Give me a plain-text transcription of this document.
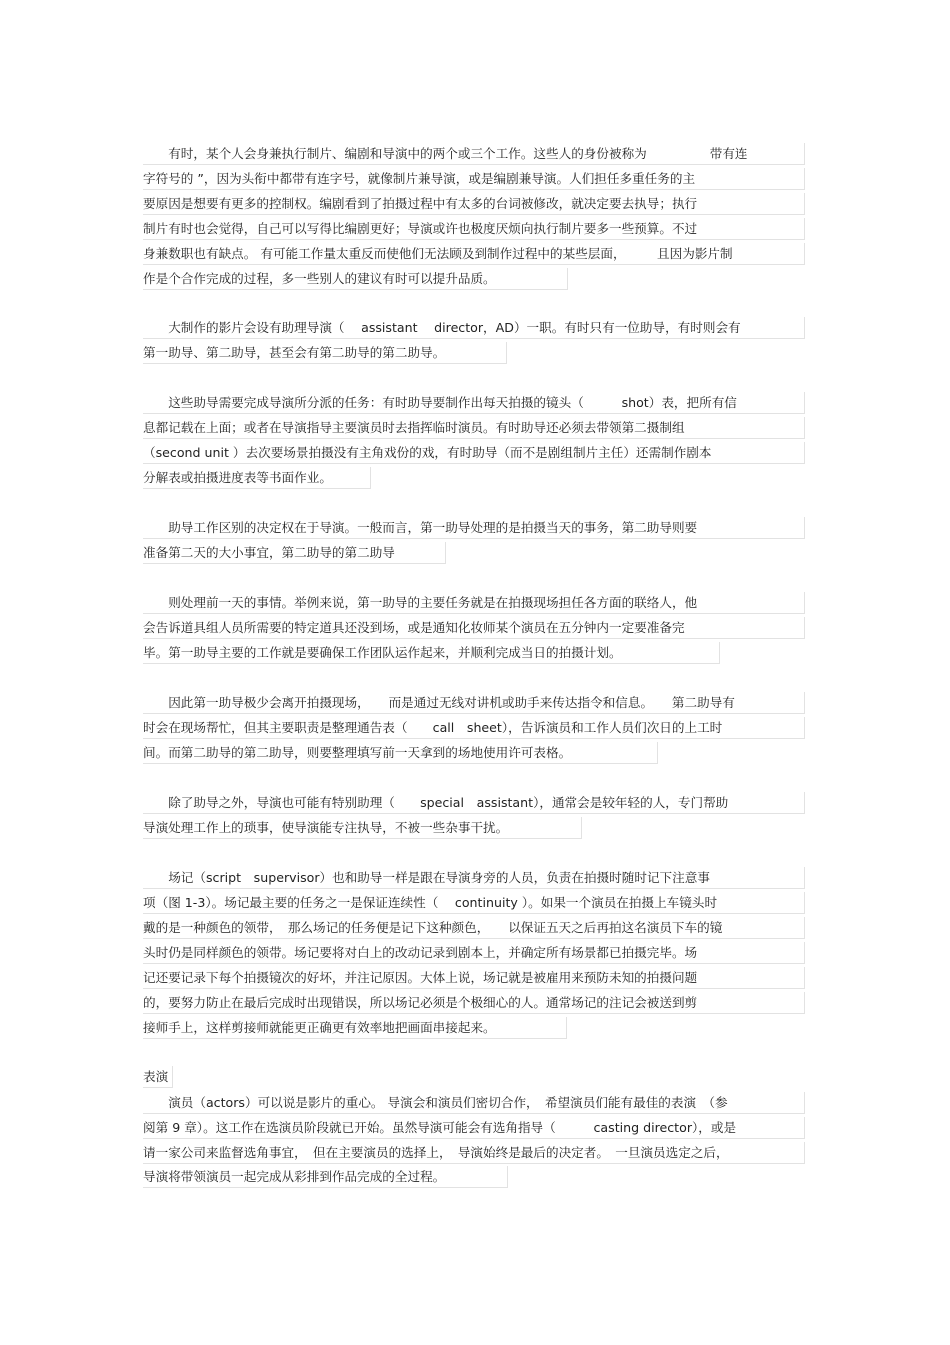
　　有时，某个人会身兼执行制片、编剧和导演中的两个或三个工作。这些人的身份被称为　　　　　带有连
字符号的 ”，因为头衔中都带有连字号，就像制片兼导演，或是编剧兼导演。人们担任多重任务的主
要原因是想要有更多的控制权。编剧看到了拍摄过程中有太多的台词被修改，就决定要去执导；执行
制片有时也会觉得，自己可以写得比编剧更好；导演或许也极度厌烦向执行制片要多一些预算。不过
身兼数职也有缺点。 有可能工作量太重反而使他们无法顾及到制作过程中的某些层面，　　　且因为影片制
作是个合作完成的过程，多一些别人的建议有时可以提升品质。
　　大制作的影片会设有助理导演（　 assistant　 director，AD）一职。有时只有一位助导，有时则会有
第一助导、第二助导，甚至会有第二助导的第二助导。
　　这些助导需要完成导演所分派的任务：有时助导要制作出每天拍摄的镜头（　　　shot）表，把所有信
息都记载在上面；或者在导演指导主要演员时去指挥临时演员。有时助导还必须去带领第二摄制组
（second unit ）去次要场景拍摄没有主角戏份的戏，有时助导（而不是剧组制片主任）还需制作剧本
分解表或拍摄进度表等书面作业。
　　助导工作区别的决定权在于导演。一般而言，第一助导处理的是拍摄当天的事务，第二助导则要
准备第二天的大小事宜，第二助导的第二助导
　　则处理前一天的事情。举例来说，第一助导的主要任务就是在拍摄现场担任各方面的联络人，他
会告诉道具组人员所需要的特定道具还没到场，或是通知化妆师某个演员在五分钟内一定要准备完
毕。第一助导主要的工作就是要确保工作团队运作起来，并顺利完成当日的拍摄计划。
　　因此第一助导极少会离开拍摄现场，　　而是通过无线对讲机或助手来传达指令和信息。　　第二助导有
时会在现场帮忙，但其主要职责是整理通告表（　　call　sheet），告诉演员和工作人员们次日的上工时
间。而第二助导的第二助导，则要整理填写前一天拿到的场地使用许可表格。
　　除了助导之外，导演也可能有特别助理（　　special　assistant），通常会是较年轻的人，专门帮助
导演处理工作上的琐事，使导演能专注执导，不被一些杂事干扰。
　　场记（script　supervisor）也和助导一样是跟在导演身旁的人员，负责在拍摄时随时记下注意事
项（图 1-3）。场记最主要的任务之一是保证连续性（　 continuity ）。如果一个演员在拍摄上车镜头时
戴的是一种颜色的领带，　那么场记的任务便是记下这种颜色，　　以保证五天之后再拍这名演员下车的镜
头时仍是同样颜色的领带。场记要将对白上的改动记录到剧本上，并确定所有场景都已拍摄完毕。场
记还要记录下每个拍摄镜次的好坏，并注记原因。大体上说，场记就是被雇用来预防未知的拍摄问题
的，要努力防止在最后完成时出现错误，所以场记必须是个极细心的人。通常场记的注记会被送到剪
接师手上，这样剪接师就能更正确更有效率地把画面串接起来。
表演
　　演员（actors）可以说是影片的重心。 导演会和演员们密切合作，　希望演员们能有最佳的表演　（参
阅第 9 章）。这工作在选演员阶段就已开始。虽然导演可能会有选角指导（　　　casting director），或是
请一家公司来监督选角事宜，　但在主要演员的选择上，　导演始终是最后的决定者。　一旦演员选定之后，
导演将带领演员一起完成从彩排到作品完成的全过程。
